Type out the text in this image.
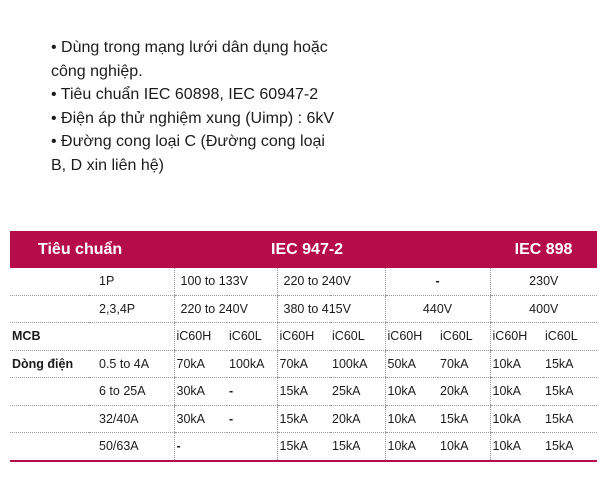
• Dùng trong mạng lưới dân dụng hoặc
công nghiệp.
• Tiêu chuẩn IEC 60898, IEC 60947-2
• Điện áp thử nghiệm xung (Uimp) : 6kV
• Đường cong loại C (Đường cong loại
B, D xin liên hệ)
Tiêu chuẩn			IEC 947-2					IEC 898	
	1P	100 to 133V		220 to 240V		-		230V	
	2,3,4P	220 to 240V		380 to 415V		440V		400V	
MCB		iC60H	iC60L	iC60H	iC60L	iC60H	iC60L	iC60H	iC60L
Dòng điện	0.5 to 4A	70kA	100kA	70kA	100kA	50kA	70kA	10kA	15kA
	6 to 25A	30kA	-	15kA	25kA	10kA	20kA	10kA	15kA
	32/40A	30kA	-	15kA	20kA	10kA	15kA	10kA	15kA
	50/63A	-		15kA	15kA	10kA	10kA	10kA	15kA
